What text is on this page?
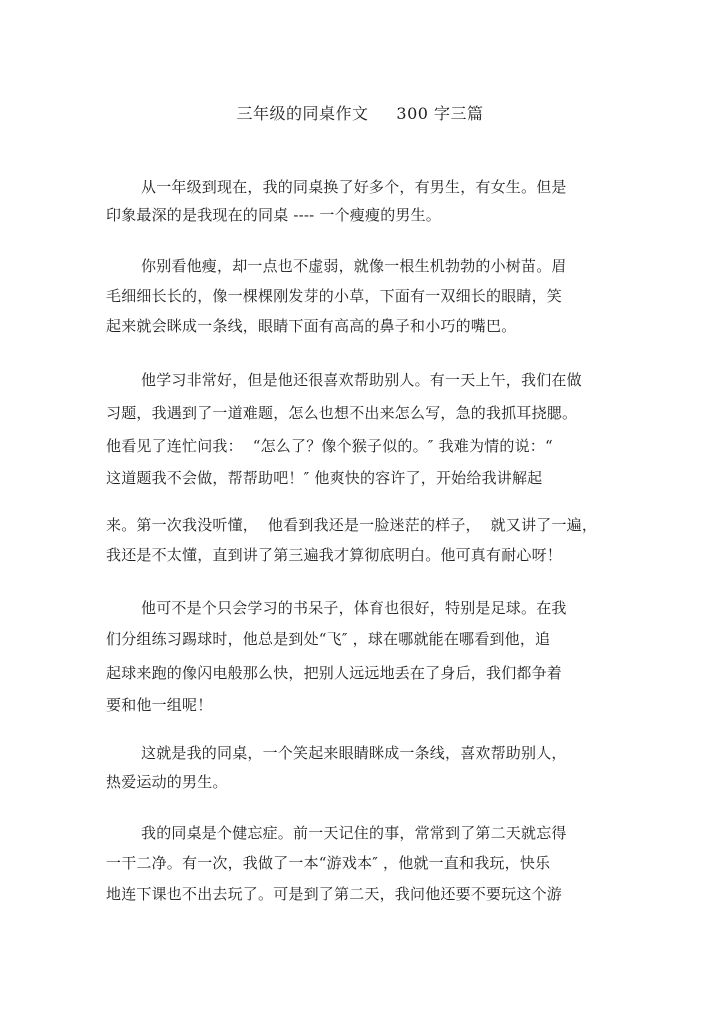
三年级的同桌作文     300 字三篇
从一年级到现在，我的同桌换了好多个，有男生，有女生。但是
印象最深的是我现在的同桌 ---- 一个瘦瘦的男生。
你别看他瘦，却一点也不虚弱，就像一根生机勃勃的小树苗。眉
毛细细长长的，像一棵棵刚发芽的小草，下面有一双细长的眼睛，笑
起来就会眯成一条线，眼睛下面有高高的鼻子和小巧的嘴巴。
他学习非常好，但是他还很喜欢帮助别人。有一天上午，我们在做
习题，我遇到了一道难题，怎么也想不出来怎么写，急的我抓耳挠腮。
他看见了连忙问我：  “怎么了？像个猴子似的。″ 我难为情的说：“
这道题我不会做，帮帮助吧！″ 他爽快的容许了，开始给我讲解起
来。第一次我没听懂，  他看到我还是一脸迷茫的样子，  就又讲了一遍，
我还是不太懂，直到讲了第三遍我才算彻底明白。他可真有耐心呀！
他可不是个只会学习的书呆子，体育也很好，特别是足球。在我
们分组练习踢球时，他总是到处“飞″ ，球在哪就能在哪看到他，追
起球来跑的像闪电般那么快，把别人远远地丢在了身后，我们都争着
要和他一组呢！
这就是我的同桌，一个笑起来眼睛眯成一条线，喜欢帮助别人，
热爱运动的男生。
我的同桌是个健忘症。前一天记住的事，常常到了第二天就忘得
一干二净。有一次，我做了一本“游戏本″ ，他就一直和我玩，快乐
地连下课也不出去玩了。可是到了第二天，我问他还要不要玩这个游
